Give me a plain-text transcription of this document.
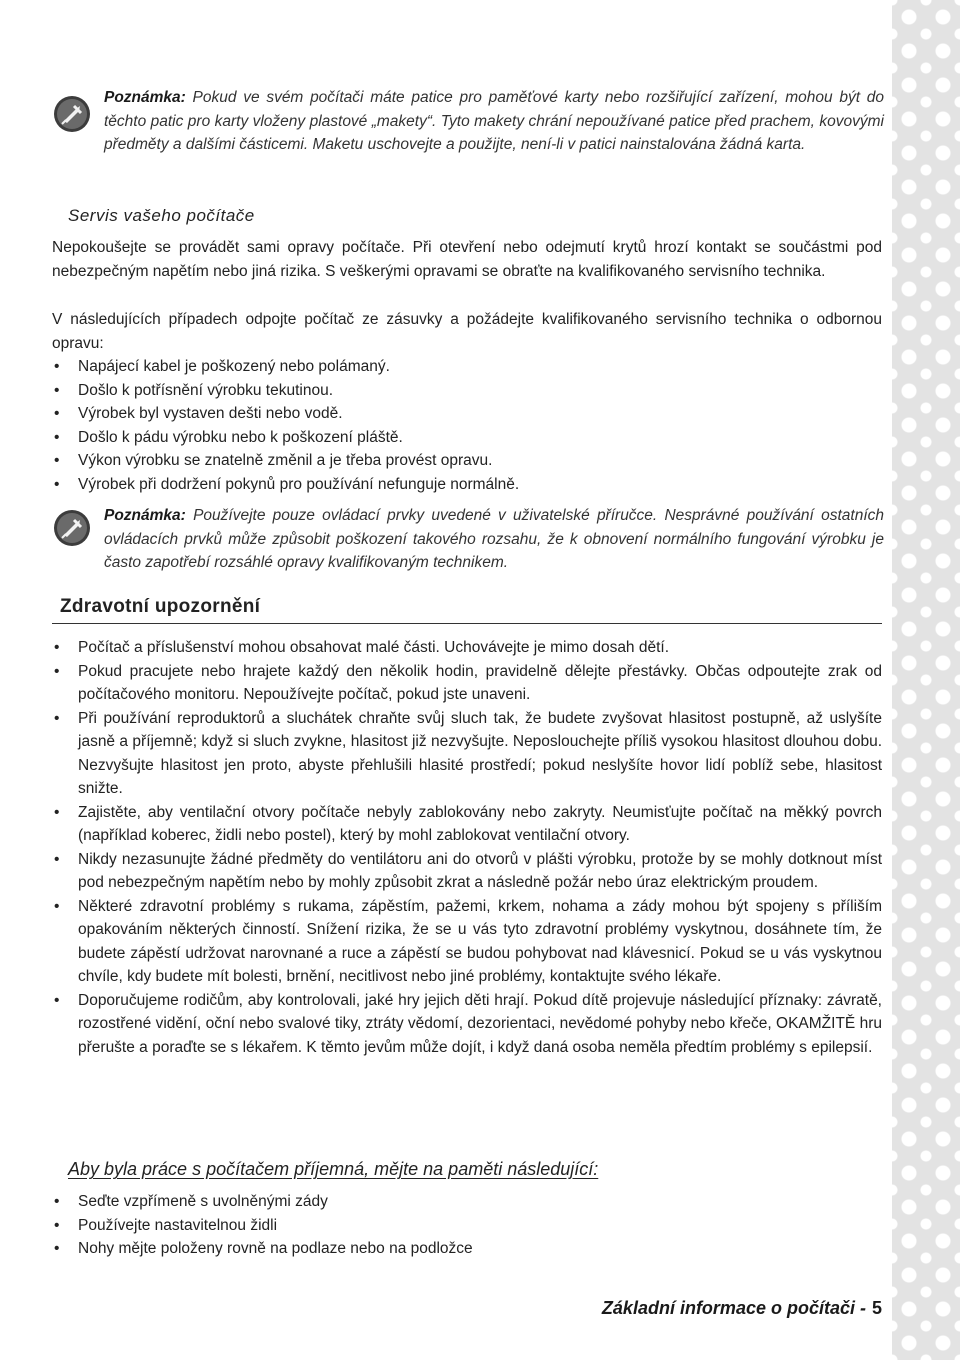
Poznámka: Pokud ve svém počítači máte patice pro paměťové karty nebo rozšiřující zařízení, mohou být do těchto patic pro karty vloženy plastové „makety“. Tyto makety chrání nepoužívané patice před prachem, kovovými předměty a dalšími částicemi. Maketu uschovejte a použijte, není-li v patici nainstalována žádná karta.
Servis vašeho počítače
Nepokoušejte se provádět sami opravy počítače. Při otevření nebo odejmutí krytů hrozí kontakt se součástmi pod nebezpečným napětím nebo jiná rizika. S veškerými opravami se obraťte na kvalifikovaného servisního technika.
V následujících případech odpojte počítač ze zásuvky a požádejte kvalifikovaného servisního technika o odbornou opravu:
• Napájecí kabel je poškozený nebo polámaný.
• Došlo k potřísnění výrobku tekutinou.
• Výrobek byl vystaven dešti nebo vodě.
• Došlo k pádu výrobku nebo k poškození pláště.
• Výkon výrobku se znatelně změnil a je třeba provést opravu.
• Výrobek při dodržení pokynů pro používání nefunguje normálně.
Poznámka: Používejte pouze ovládací prvky uvedené v uživatelské příručce. Nesprávné používání ostatních ovládacích prvků může způsobit poškození takového rozsahu, že k obnovení normálního fungování výrobku je často zapotřebí rozsáhlé opravy kvalifikovaným technikem.
Zdravotní upozornění
• Počítač a příslušenství mohou obsahovat malé části. Uchovávejte je mimo dosah dětí.
• Pokud pracujete nebo hrajete každý den několik hodin, pravidelně dělejte přestávky. Občas odpoutejte zrak od počítačového monitoru. Nepoužívejte počítač, pokud jste unaveni.
• Při používání reproduktorů a sluchátek chraňte svůj sluch tak, že budete zvyšovat hlasitost postupně, až uslyšíte jasně a příjemně; když si sluch zvykne, hlasitost již nezvyšujte. Neposlouchejte příliš vysokou hlasitost dlouhou dobu. Nezvyšujte hlasitost jen proto, abyste přehlušili hlasité prostředí; pokud neslyšíte hovor lidí poblíž sebe, hlasitost snižte.
• Zajistěte, aby ventilační otvory počítače nebyly zablokovány nebo zakryty. Neumisťujte počítač na měkký povrch (například koberec, židli nebo postel), který by mohl zablokovat ventilační otvory.
• Nikdy nezasunujte žádné předměty do ventilátoru ani do otvorů v plášti výrobku, protože by se mohly dotknout míst pod nebezpečným napětím nebo by mohly způsobit zkrat a následně požár nebo úraz elektrickým proudem.
• Některé zdravotní problémy s rukama, zápěstím, pažemi, krkem, nohama a zády mohou být spojeny s příliším opakováním některých činností. Snížení rizika, že se u vás tyto zdravotní problémy vyskytnou, dosáhnete tím, že budete zápěstí udržovat narovnané a ruce a zápěstí se budou pohybovat nad klávesnicí. Pokud se u vás vyskytnou chvíle, kdy budete mít bolesti, brnění, necitlivost nebo jiné problémy, kontaktujte svého lékaře.
• Doporučujeme rodičům, aby kontrolovali, jaké hry jejich děti hrají. Pokud dítě projevuje následující příznaky: závratě, rozostřené vidění, oční nebo svalové tiky, ztráty vědomí, dezorientaci, nevědomé pohyby nebo křeče, OKAMŽITĚ hru přerušte a poraďte se s lékařem. K těmto jevům může dojít, i když daná osoba neměla předtím problémy s epilepsií.
Aby byla práce s počítačem příjemná, mějte na paměti následující:
• Seďte vzpřímeně s uvolněnými zády
• Používejte nastavitelnou židli
• Nohy mějte položeny rovně na podlaze nebo na podložce
Základní informace o počítači - 5
